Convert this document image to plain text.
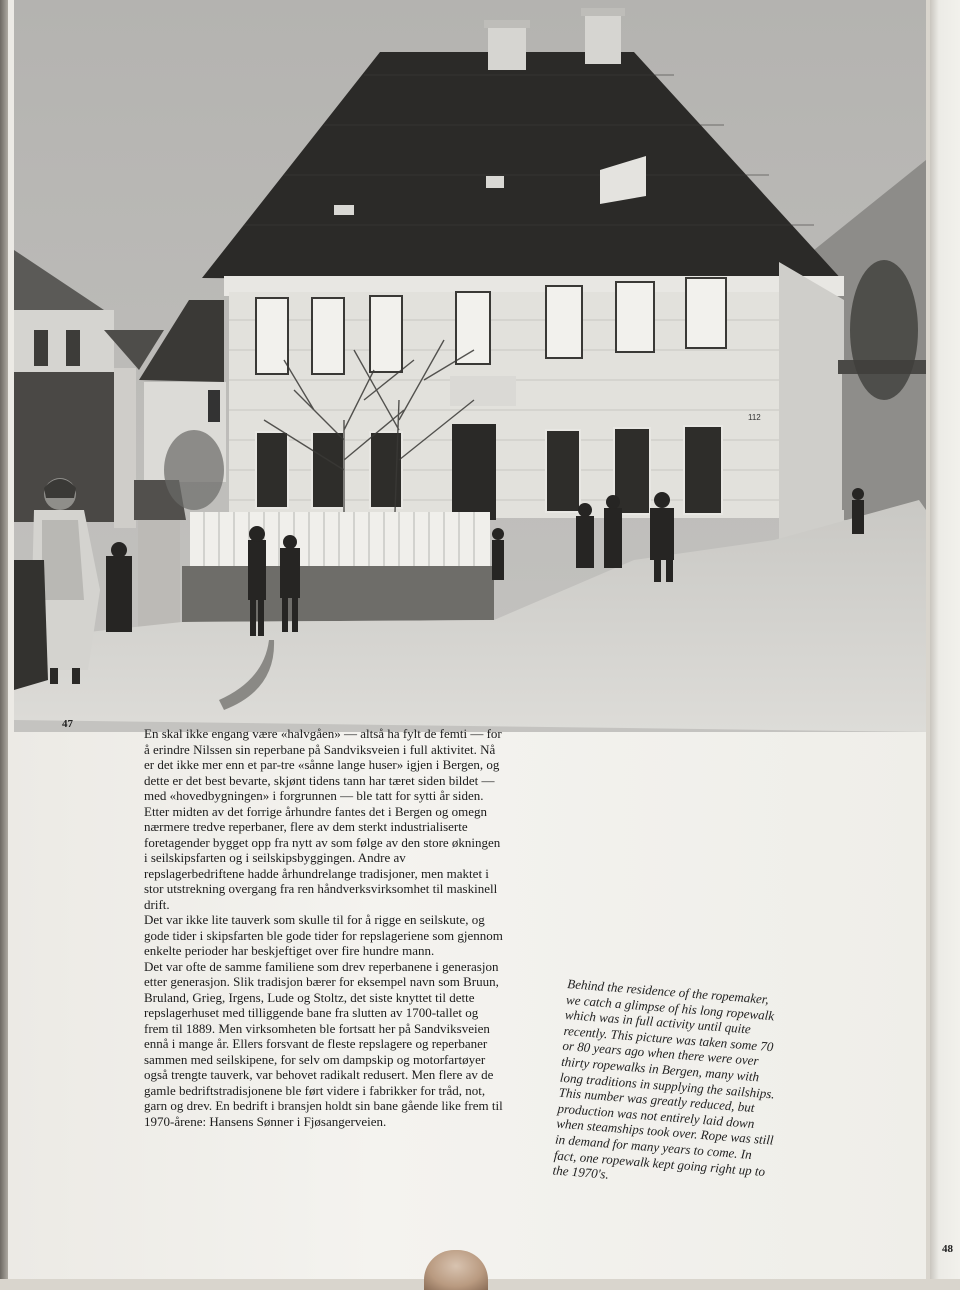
48
112
47

En skal ikke engang være «halvgåen» — altså ha fylt de femti — for å erindre Nilssen sin reperbane på Sandviksveien i full aktivitet. Nå er det ikke mer enn et par-tre «sånne lange huser» igjen i Bergen, og dette er det best bevarte, skjønt tidens tann har tæret siden bildet — med «hovedbygningen» i forgrunnen — ble tatt for sytti år siden.

Etter midten av det forrige århundre fantes det i Bergen og omegn nærmere tredve reperbaner, flere av dem sterkt industrialiserte foretagender bygget opp fra nytt av som følge av den store økningen i seilskipsfarten og i seilskipsbyggingen. Andre av repslagerbedriftene hadde århundrelange tradisjoner, men maktet i stor utstrekning overgang fra ren håndverksvirksomhet til maskinell drift.

Det var ikke lite tauverk som skulle til for å rigge en seilskute, og gode tider i skipsfarten ble gode tider for repslageriene som gjennom enkelte perioder har beskjeftiget over fire hundre mann.

Det var ofte de samme familiene som drev reperbanene i generasjon etter generasjon. Slik tradisjon bærer for eksempel navn som Bruun, Bruland, Grieg, Irgens, Lude og Stoltz, det siste knyttet til dette repslagerhuset med tilliggende bane fra slutten av 1700-tallet og frem til 1889. Men virksomheten ble fortsatt her på Sandviksveien ennå i mange år. Ellers forsvant de fleste repslagere og reperbaner sammen med seilskipene, for selv om dampskip og motorfartøyer også trengte tauverk, var behovet radikalt redusert. Men flere av de gamle bedriftstradisjonene ble ført videre i fabrikker for tråd, not, garn og drev. En bedrift i bransjen holdt sin bane gående like frem til 1970-årene: Hansens Sønner i Fjøsangerveien.

Behind the residence of the ropemaker, we catch a glimpse of his long ropewalk which was in full activity until quite recently. This picture was taken some 70 or 80 years ago when there were over thirty ropewalks in Bergen, many with long traditions in supplying the sailships. This number was greatly reduced, but production was not entirely laid down when steamships took over. Rope was still in demand for many years to come. In fact, one ropewalk kept going right up to the 1970's.
